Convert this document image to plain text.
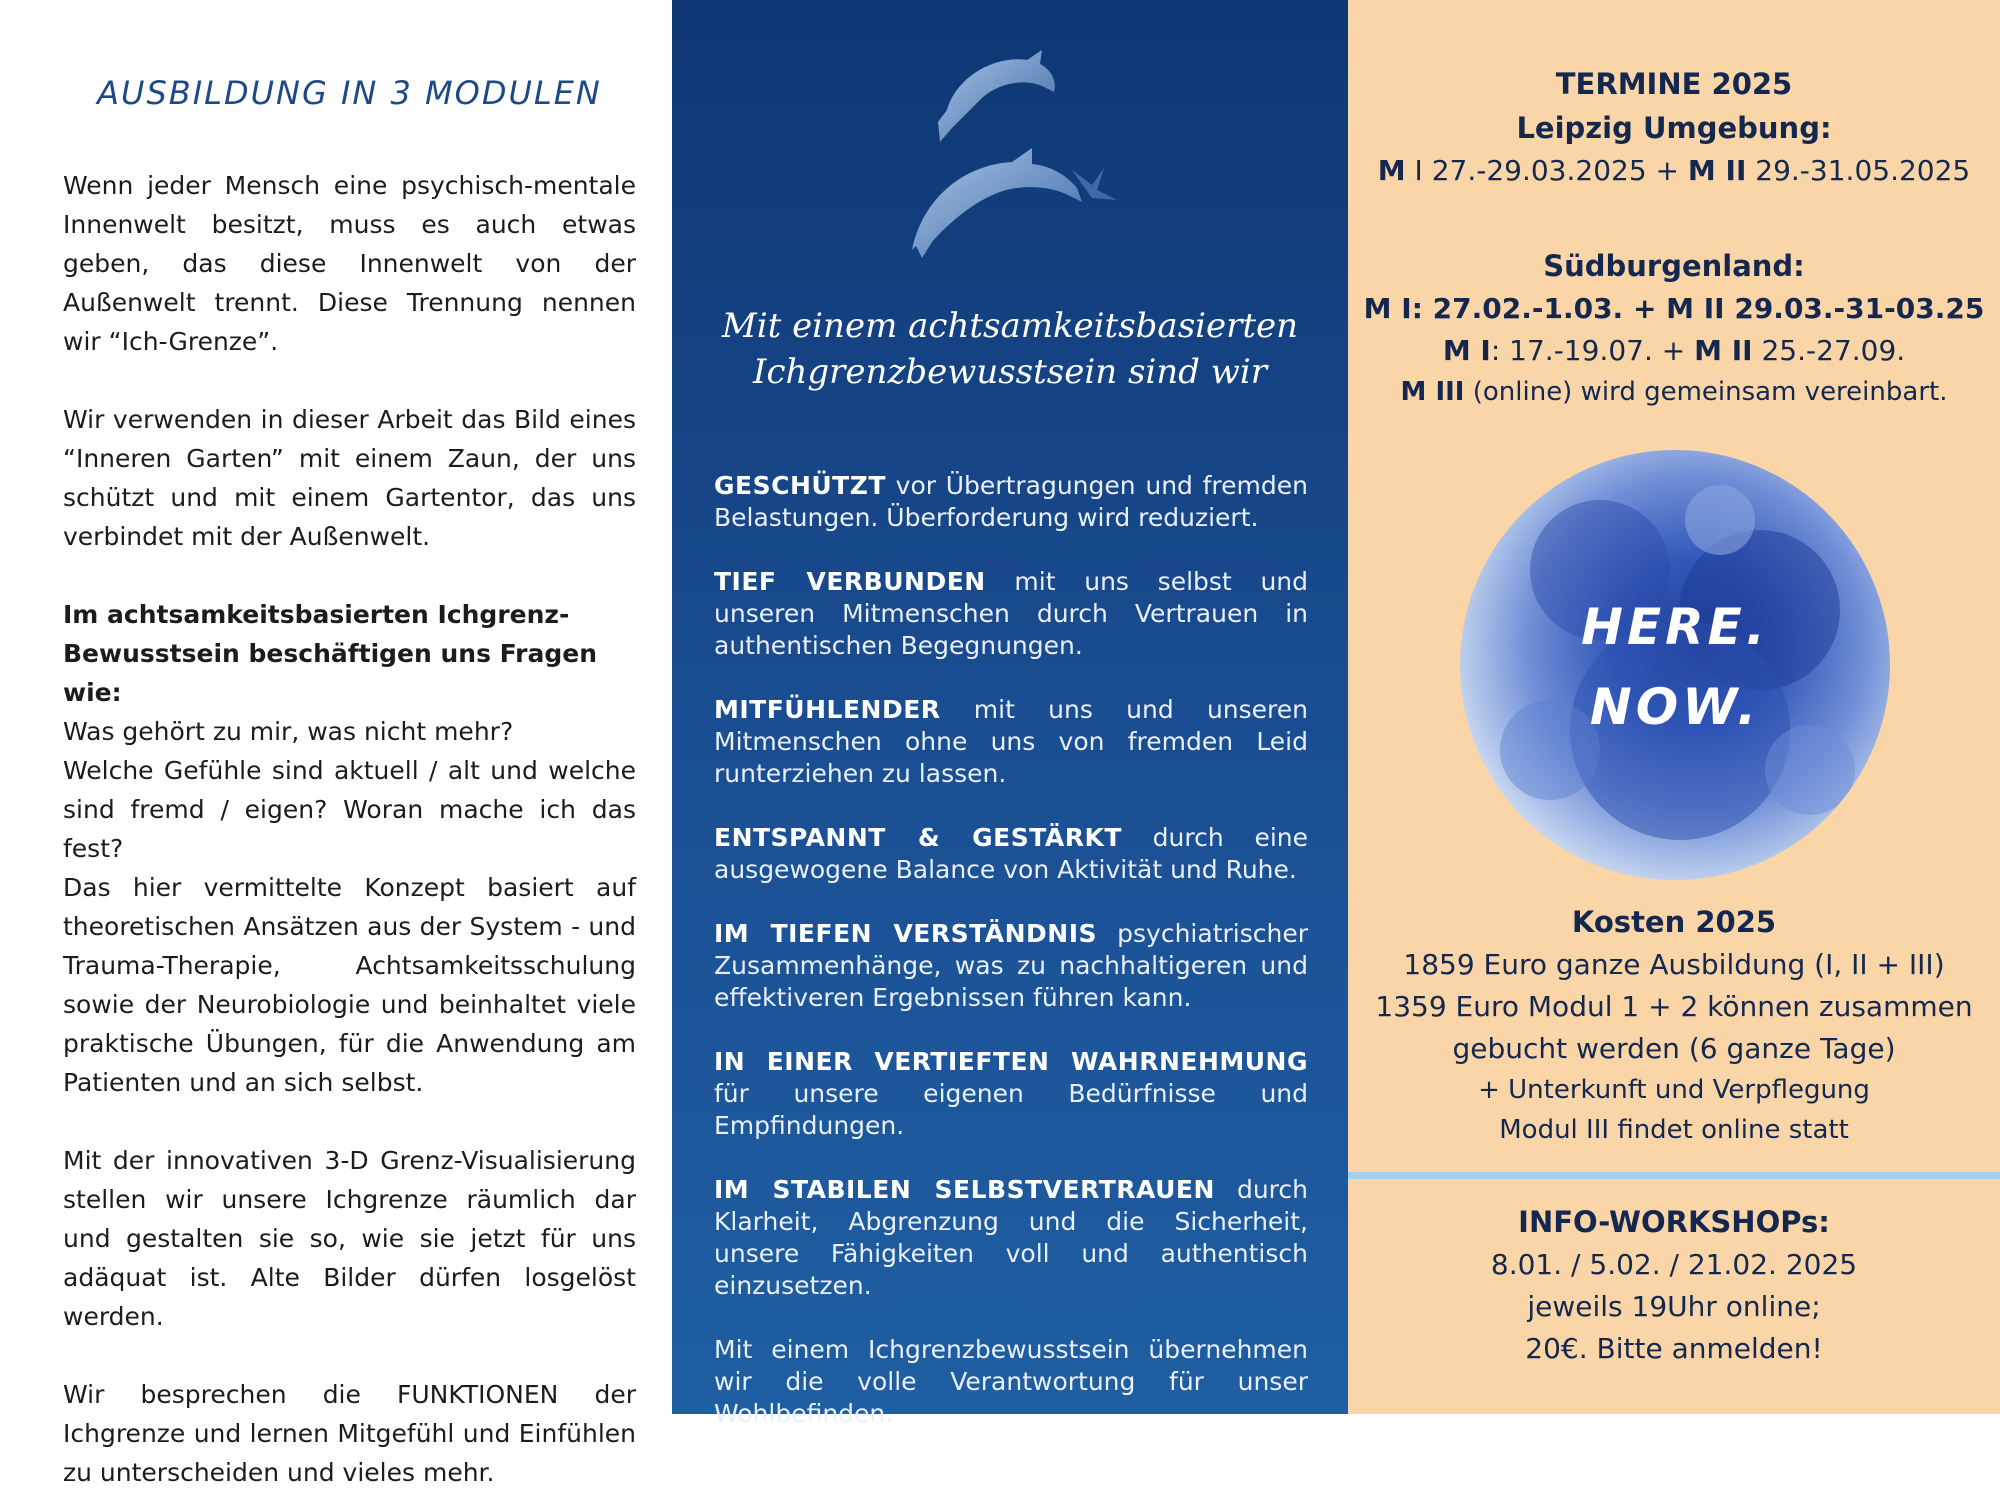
AUSBILDUNG IN 3 MODULEN

Wenn jeder Mensch eine psychisch-mentale Innenwelt besitzt, muss es auch etwas geben, das diese Innenwelt von der Außenwelt trennt. Diese Trennung nennen wir “Ich-Grenze”.

Wir verwenden in dieser Arbeit das Bild eines “Inneren Garten” mit einem Zaun, der uns schützt und mit einem Gartentor, das uns verbindet mit der Außenwelt.

Im achtsamkeitsbasierten Ichgrenz-Bewusstsein beschäftigen uns Fragen wie:

Was gehört zu mir, was nicht mehr?

Welche Gefühle sind aktuell / alt und welche sind fremd / eigen? Woran mache ich das fest?

Das hier vermittelte Konzept basiert auf theoretischen Ansätzen aus der System - und Trauma-Therapie, Achtsamkeitsschulung sowie der Neurobiologie und beinhaltet viele praktische Übungen, für die Anwendung am Patienten und an sich selbst.

Mit der innovativen 3-D Grenz-Visualisierung stellen wir unsere Ichgrenze räumlich dar und gestalten sie so, wie sie jetzt für uns adäquat ist. Alte Bilder dürfen losgelöst werden.

Wir besprechen die FUNKTIONEN der Ichgrenze und lernen Mitgefühl und Einfühlen zu unterscheiden und vieles mehr.

Mit einem achtsamkeitsbasierten
Ichgrenzbewusstsein sind wir
GESCHÜTZT vor Übertragungen und fremden Belastungen. Überforderung wird reduziert.
TIEF VERBUNDEN mit uns selbst und unseren Mitmenschen durch Vertrauen in authentischen Begegnungen.
MITFÜHLENDER mit uns und unseren Mitmenschen ohne uns von fremden Leid runterziehen zu lassen.
ENTSPANNT & GESTÄRKT durch eine ausgewogene Balance von Aktivität und Ruhe.
IM TIEFEN VERSTÄNDNIS psychiatrischer Zusammenhänge, was zu nachhaltigeren und effektiveren Ergebnissen führen kann.
IN EINER VERTIEFTEN WAHRNEHMUNG für unsere eigenen Bedürfnisse und Empfindungen.
IM STABILEN SELBSTVERTRAUEN durch Klarheit, Abgrenzung und die Sicherheit, unsere Fähigkeiten voll und authentisch einzusetzen.
Mit einem Ichgrenzbewusstsein übernehmen wir die volle Verantwortung für unser Wohlbefinden.
TERMINE 2025
Leipzig Umgebung:
M I 27.-29.03.2025 + M II 29.-31.05.2025
Südburgenland:
M I: 27.02.-1.03. + M II 29.03.-31-03.25
M I: 17.-19.07. + M II 25.-27.09.
M III (online) wird gemeinsam vereinbart.
HERE.
NOW.
Kosten 2025
1859 Euro ganze Ausbildung (I, II + III)
1359 Euro Modul 1 + 2 können zusammen
gebucht werden (6 ganze Tage)
+ Unterkunft und Verpflegung
Modul III findet online statt
INFO-WORKSHOPs:
8.01. / 5.02. / 21.02. 2025
jeweils 19Uhr online;
20€. Bitte anmelden!
